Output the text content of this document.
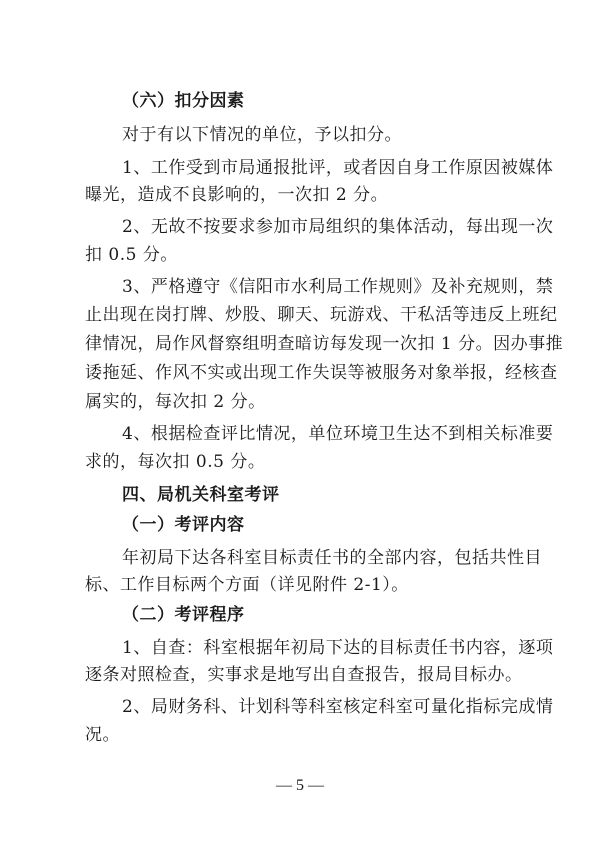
（六）扣分因素
对于有以下情况的单位，予以扣分。
1、工作受到市局通报批评，或者因自身工作原因被媒体
曝光，造成不良影响的，一次扣 2 分。
2、无故不按要求参加市局组织的集体活动，每出现一次
扣 0.5 分。
3、严格遵守《信阳市水利局工作规则》及补充规则，禁
止出现在岗打牌、炒股、聊天、玩游戏、干私活等违反上班纪
律情况，局作风督察组明查暗访每发现一次扣 1 分。因办事推
诿拖延、作风不实或出现工作失误等被服务对象举报，经核查
属实的，每次扣 2 分。
4、根据检查评比情况，单位环境卫生达不到相关标准要
求的，每次扣 0.5 分。
四、局机关科室考评
（一）考评内容
年初局下达各科室目标责任书的全部内容，包括共性目
标、工作目标两个方面（详见附件 2-1）。
（二）考评程序
1、自查：科室根据年初局下达的目标责任书内容，逐项
逐条对照检查，实事求是地写出自查报告，报局目标办。
2、局财务科、计划科等科室核定科室可量化指标完成情
况。
— 5 —
